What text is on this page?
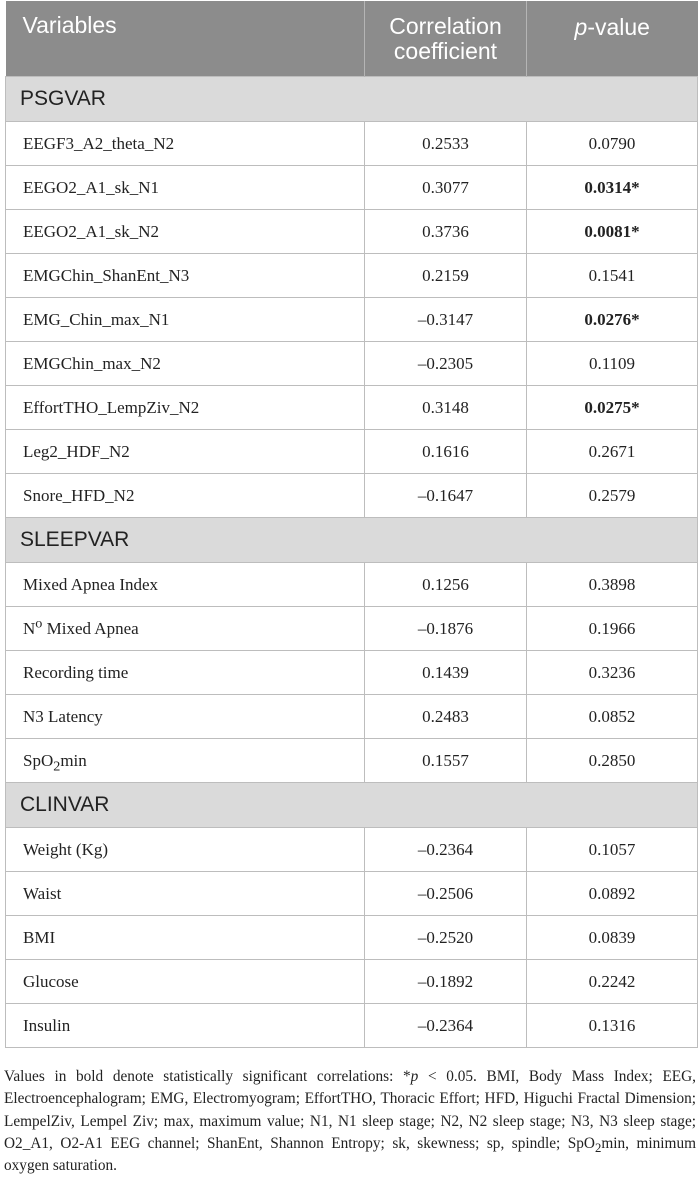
Variables	Correlation coefficient	p-value
PSGVAR		
EEGF3_A2_theta_N2	0.2533	0.0790
EEGO2_A1_sk_N1	0.3077	0.0314*
EEGO2_A1_sk_N2	0.3736	0.0081*
EMGChin_ShanEnt_N3	0.2159	0.1541
EMG_Chin_max_N1	–0.3147	0.0276*
EMGChin_max_N2	–0.2305	0.1109
EffortTHO_LempZiv_N2	0.3148	0.0275*
Leg2_HDF_N2	0.1616	0.2671
Snore_HFD_N2	–0.1647	0.2579
SLEEPVAR		
Mixed Apnea Index	0.1256	0.3898
$N^o$ Mixed Apnea	–0.1876	0.1966
Recording time	0.1439	0.3236
N3 Latency	0.2483	0.0852
SpO$_2$min	0.1557	0.2850
CLINVAR		
Weight (Kg)	–0.2364	0.1057
Waist	–0.2506	0.0892
BMI	–0.2520	0.0839
Glucose	–0.1892	0.2242
Insulin	–0.2364	0.1316

Values in bold denote statistically significant correlations: *p < 0.05. BMI, Body Mass Index; EEG, Electroencephalogram; EMG, Electromyogram; EffortTHO, Thoracic Effort; HFD, Higuchi Fractal Dimension; LempelZiv, Lempel Ziv; max, maximum value; N1, N1 sleep stage; N2, N2 sleep stage; N3, N3 sleep stage; O2_A1, O2-A1 EEG channel; ShanEnt, Shannon Entropy; sk, skewness; sp, spindle; SpO$_2$min, minimum oxygen saturation.
